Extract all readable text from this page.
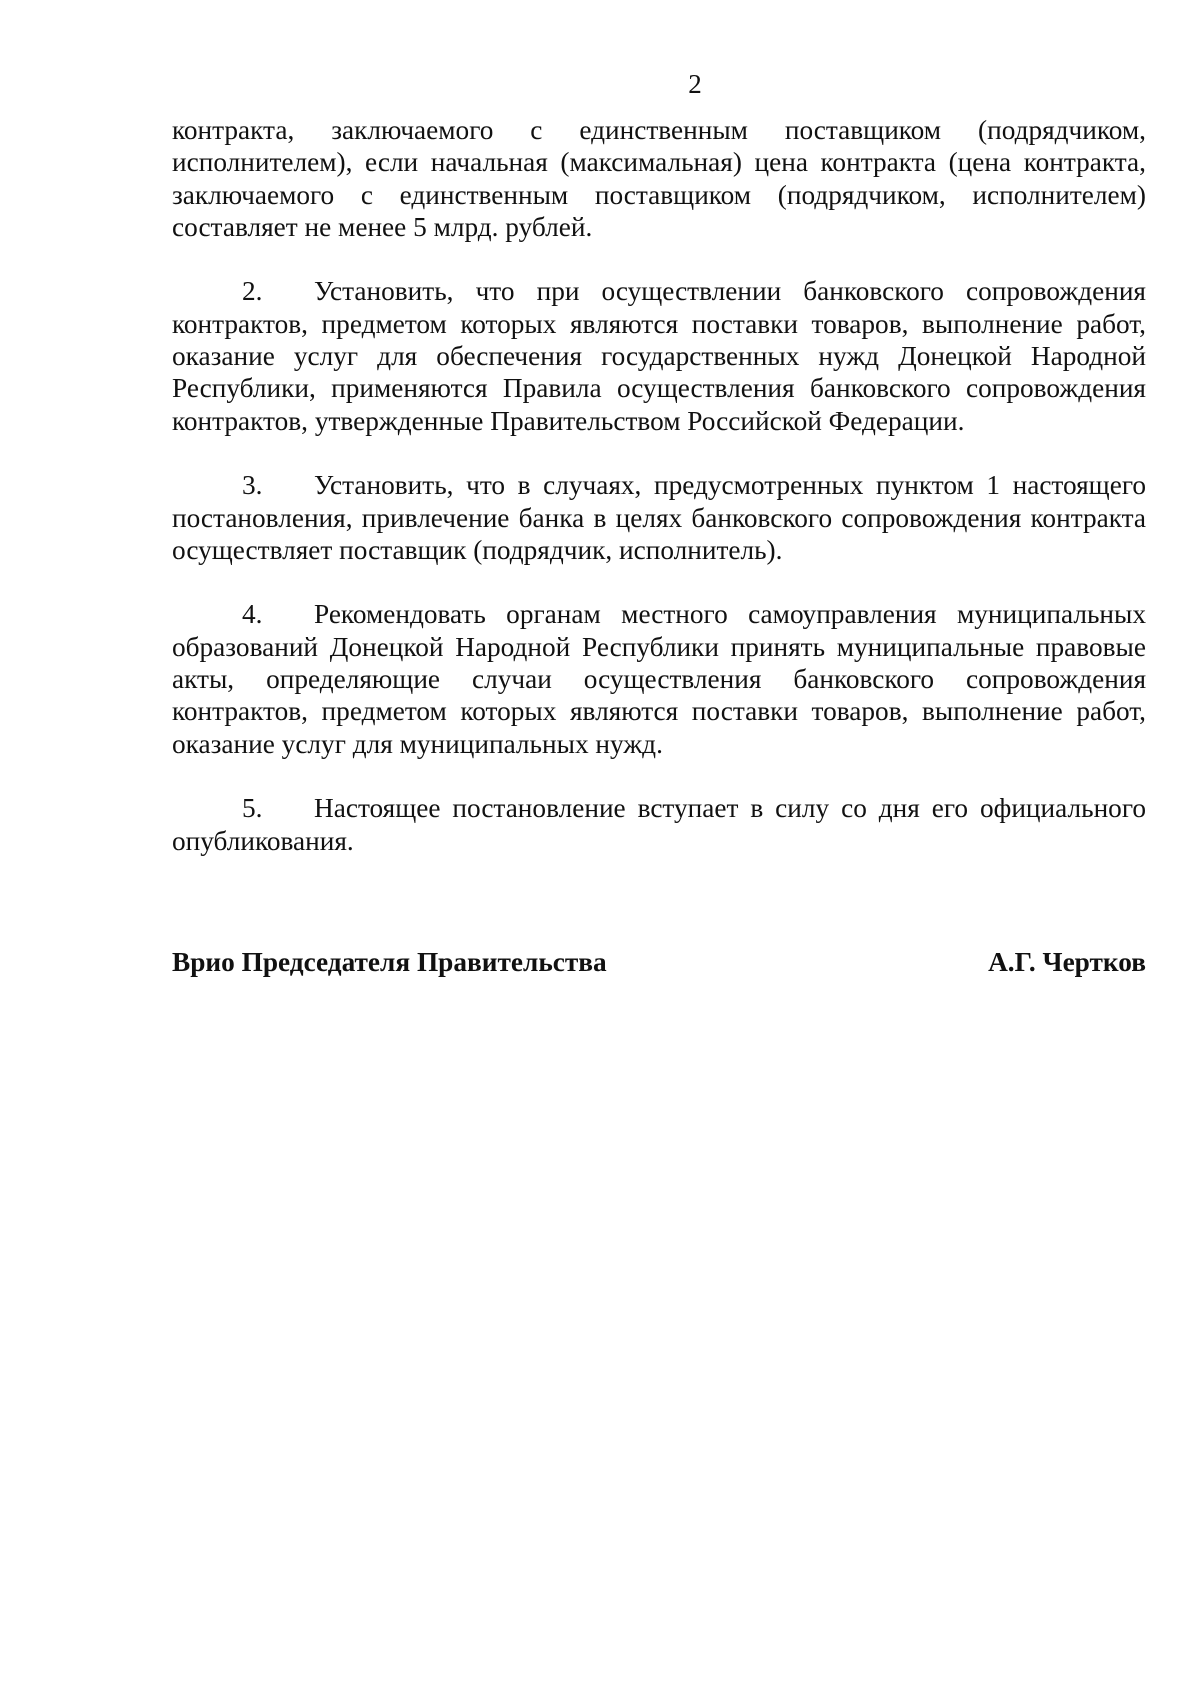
2

контракта, заключаемого с единственным поставщиком (подрядчиком, исполнителем), если начальная (максимальная) цена контракта (цена контракта, заключаемого с единственным поставщиком (подрядчиком, исполнителем) составляет не менее 5 млрд. рублей.

2. Установить, что при осуществлении банковского сопровождения контрактов, предметом которых являются поставки товаров, выполнение работ, оказание услуг для обеспечения государственных нужд Донецкой Народной Республики, применяются Правила осуществления банковского сопровождения контрактов, утвержденные Правительством Российской Федерации.

3. Установить, что в случаях, предусмотренных пунктом 1 настоящего постановления, привлечение банка в целях банковского сопровождения контракта осуществляет поставщик (подрядчик, исполнитель).

4. Рекомендовать органам местного самоуправления муниципальных образований Донецкой Народной Республики принять муниципальные правовые акты, определяющие случаи осуществления банковского сопровождения контрактов, предметом которых являются поставки товаров, выполнение работ, оказание услуг для муниципальных нужд.

5. Настоящее постановление вступает в силу со дня его официального опубликования.

Врио Председателя Правительства	А.Г. Чертков
